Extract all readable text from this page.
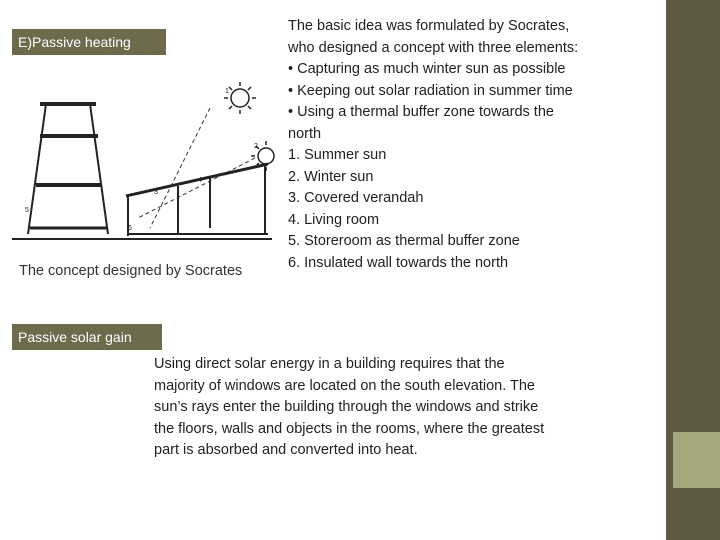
E)Passive heating
1
2
3
4
5
6
The concept designed by Socrates
The basic idea was formulated by Socrates,
who designed a concept with three elements:
• Capturing as much winter sun as possible
• Keeping out solar radiation in summer time
• Using a thermal buffer zone towards the
north
1. Summer sun
2. Winter sun
3. Covered verandah
4. Living room
5. Storeroom as thermal buffer zone
6. Insulated wall towards the north
Passive solar gain
Using direct solar energy in a building requires that the
majority of windows are located on the south elevation. The
sun’s rays enter the building through the windows and strike
the floors, walls and objects in the rooms, where the greatest
part is absorbed and converted into heat.
